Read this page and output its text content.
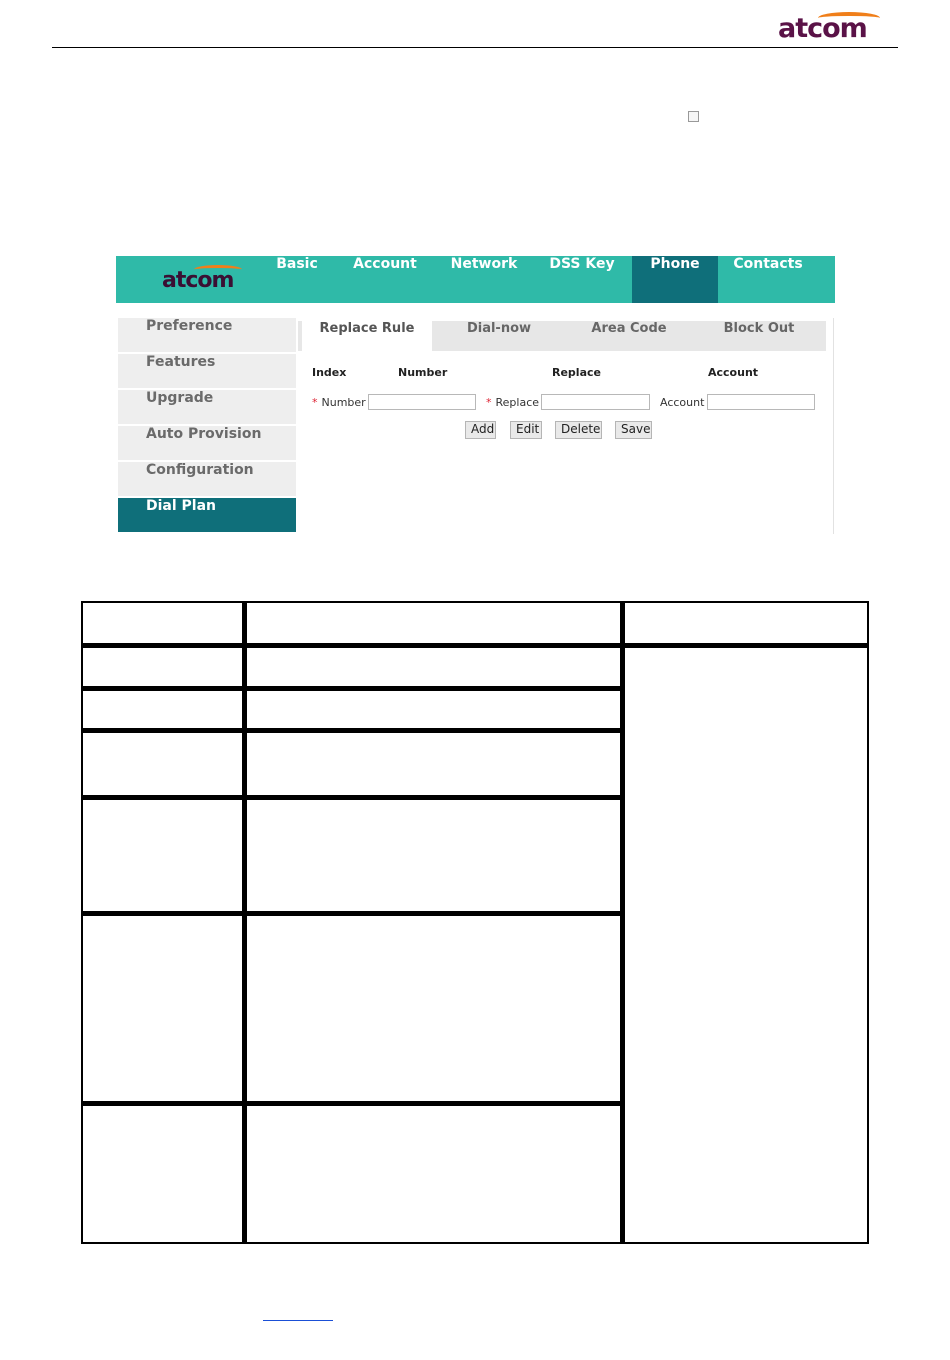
atcom
atcom
Basic	Account	Network	DSS Key	Phone	Contacts
Preference
Features
Upgrade
Auto Provision
Configuration
Dial Plan
Replace Rule	Dial-now	Area Code	Block Out
Index	Number	Replace	Account
* Number	* Replace	Account
Add	Edit	Delete	Save
